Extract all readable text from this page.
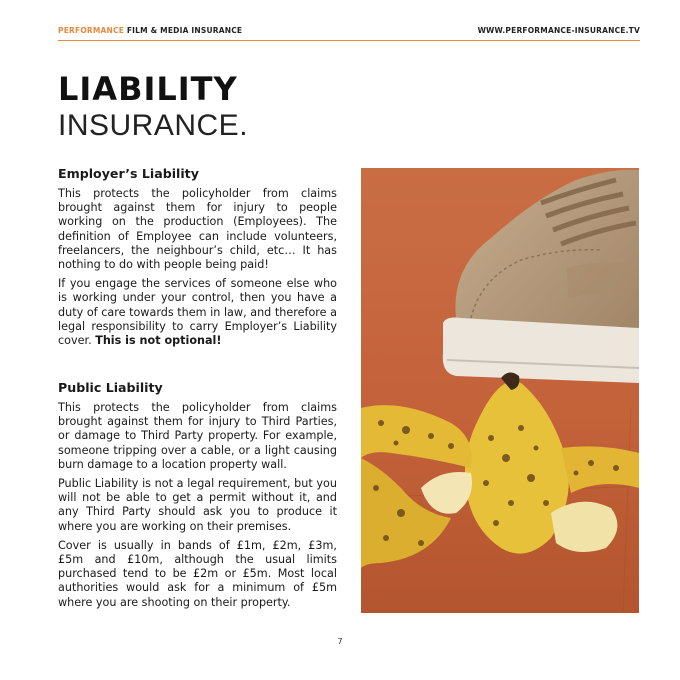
PERFORMANCE FILM & MEDIA INSURANCE	WWW.PERFORMANCE-INSURANCE.TV
LIABILITY
INSURANCE.
Employer’s Liability

This protects the policyholder from claims brought against them for injury to people working on the production (Employees). The definition of Employee can include volunteers, freelancers, the neighbour’s child, etc… It has nothing to do with people being paid!

If you engage the services of someone else who is working under your control, then you have a duty of care towards them in law, and therefore a legal responsibility to carry Employer’s Liability cover. This is not optional!

Public Liability

This protects the policyholder from claims brought against them for injury to Third Parties, or damage to Third Party property. For example, someone tripping over a cable, or a light causing burn damage to a location property wall.

Public Liability is not a legal requirement, but you will not be able to get a permit without it, and any Third Party should ask you to produce it where you are working on their premises.

Cover is usually in bands of £1m, £2m, £3m, £5m and £10m, although the usual limits purchased tend to be £2m or £5m. Most local authorities would ask for a minimum of £5m where you are shooting on their property.

7
